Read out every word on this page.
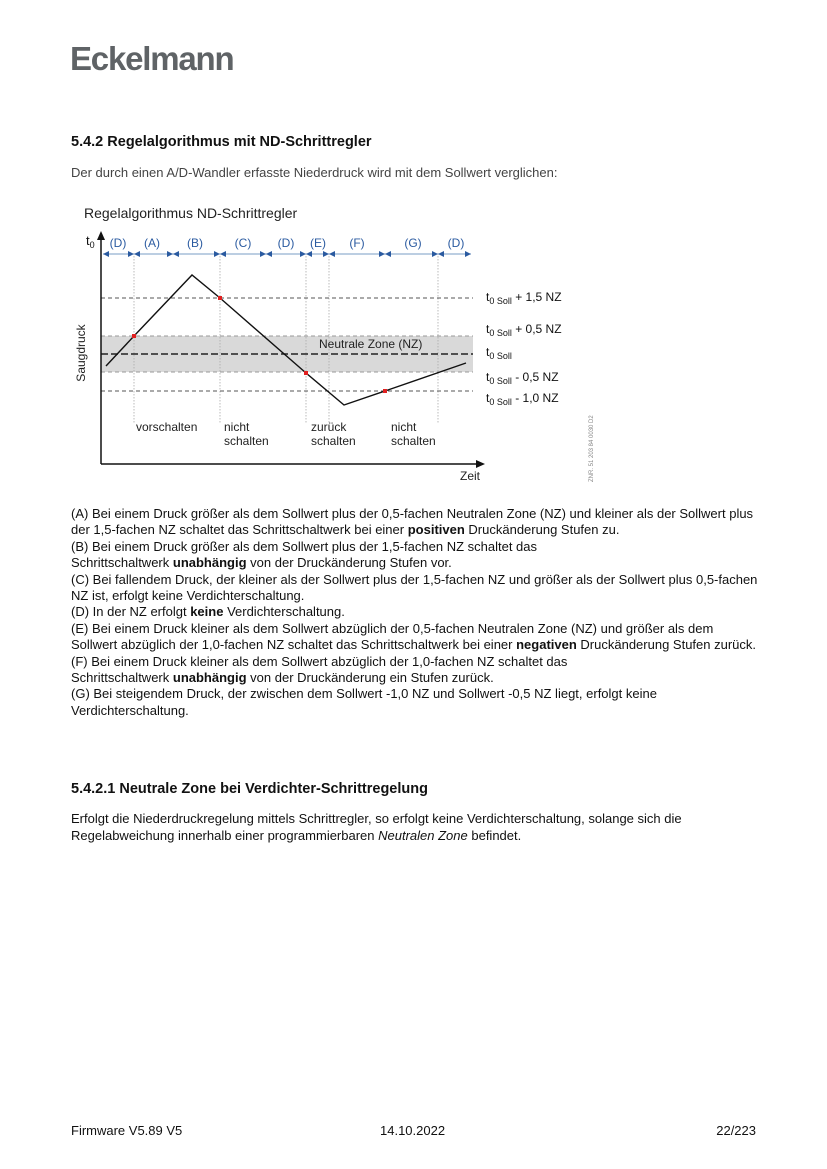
Eckelmann
5.4.2 Regelalgorithmus mit ND-Schrittregler
Der durch einen A/D-Wandler erfasste Niederdruck wird mit dem Sollwert verglichen:
Regelalgorithmus ND-Schrittregler
$t_0$ (D) (A) (B)	(C) (D) (E) (F)	(G) (D)
Neutrale Zone (NZ)
Saugdruck
Zeit
$t_{0 Soll} + 1,5$ NZ
$t_{0 Soll} + 0,5$ NZ
$t_{0 Soll}$
$t_{0 Soll} - 0,5$ NZ
$t_{0 Soll} - 1,0$ NZ
vorschalten nicht
schalten
zurück
schalten
nicht
schalten	ZNR. 51 203 84 0030 D2

(A) Bei einem Druck größer als dem Sollwert plus der 0,5-fachen Neutralen Zone (NZ) und kleiner als der Sollwert plus der 1,5-fachen NZ schaltet das Schrittschaltwerk bei einer positiven Druckänderung Stufen zu.

(B) Bei einem Druck größer als dem Sollwert plus der 1,5-fachen NZ schaltet das
Schrittschaltwerk unabhängig von der Druckänderung Stufen vor.

(C) Bei fallendem Druck, der kleiner als der Sollwert plus der 1,5-fachen NZ und größer als der Sollwert plus 0,5-fachen NZ ist, erfolgt keine Verdichterschaltung.

(D) In der NZ erfolgt keine Verdichterschaltung.

(E) Bei einem Druck kleiner als dem Sollwert abzüglich der 0,5-fachen Neutralen Zone (NZ) und größer als dem Sollwert abzüglich der 1,0-fachen NZ schaltet das Schrittschaltwerk bei einer negativen Druckänderung Stufen zurück.

(F) Bei einem Druck kleiner als dem Sollwert abzüglich der 1,0-fachen NZ schaltet das
Schrittschaltwerk unabhängig von der Druckänderung ein Stufen zurück.

(G) Bei steigendem Druck, der zwischen dem Sollwert -1,0 NZ und Sollwert -0,5 NZ liegt, erfolgt keine Verdichterschaltung.

5.4.2.1 Neutrale Zone bei Verdichter-Schrittregelung
Erfolgt die Niederdruckregelung mittels Schrittregler, so erfolgt keine Verdichterschaltung, solange sich die Regelabweichung innerhalb einer programmierbaren Neutralen Zone befindet.
Firmware V5.89 V5	14.10.2022	22/223
